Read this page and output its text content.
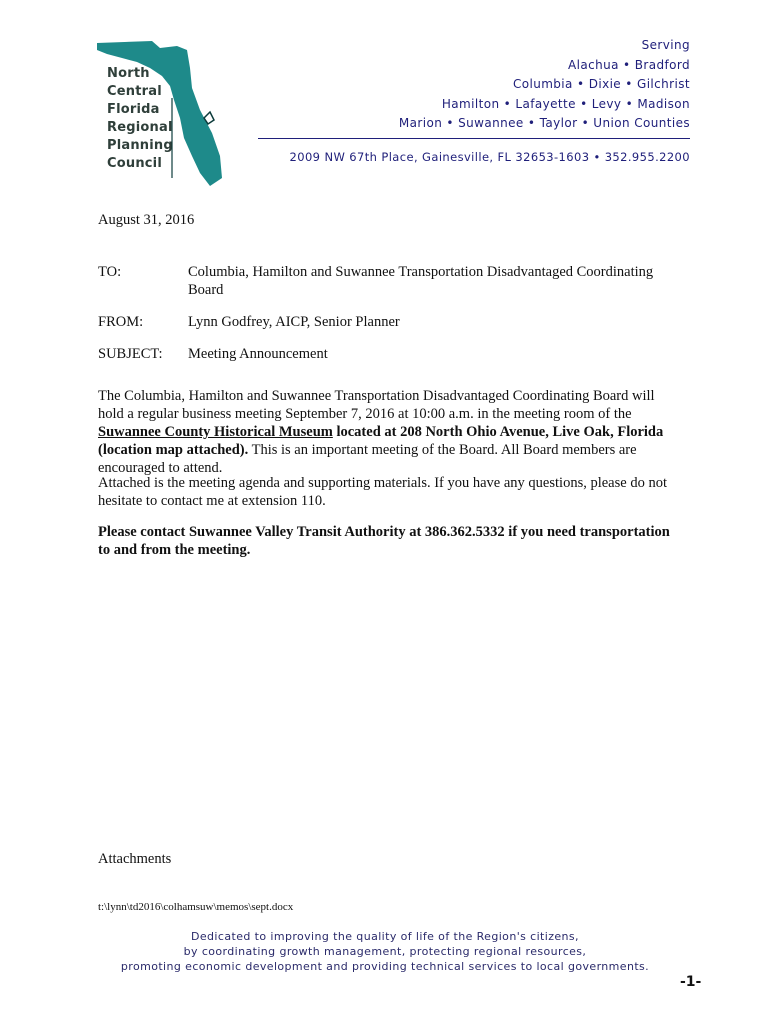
North
Central
Florida
Regional
Planning
Council
Serving
Alachua • Bradford
Columbia • Dixie • Gilchrist
Hamilton • Lafayette • Levy • Madison
Marion • Suwannee • Taylor • Union Counties
2009 NW 67th Place, Gainesville, FL 32653-1603 • 352.955.2200
August 31, 2016
TO:	Columbia, Hamilton and Suwannee Transportation Disadvantaged Coordinating Board
FROM:	Lynn Godfrey, AICP, Senior Planner
SUBJECT: Meeting Announcement
The Columbia, Hamilton and Suwannee Transportation Disadvantaged Coordinating Board will hold a regular business meeting September 7, 2016 at 10:00 a.m. in the meeting room of the Suwannee County Historical Museum located at 208 North Ohio Avenue, Live Oak, Florida (location map attached). This is an important meeting of the Board. All Board members are encouraged to attend.
Attached is the meeting agenda and supporting materials. If you have any questions, please do not hesitate to contact me at extension 110.
Please contact Suwannee Valley Transit Authority at 386.362.5332 if you need transportation to and from the meeting.
Attachments
t:\lynn\td2016\colhamsuw\memos\sept.docx
Dedicated to improving the quality of life of the Region's citizens,
by coordinating growth management, protecting regional resources,
promoting economic development and providing technical services to local governments.
-1-
